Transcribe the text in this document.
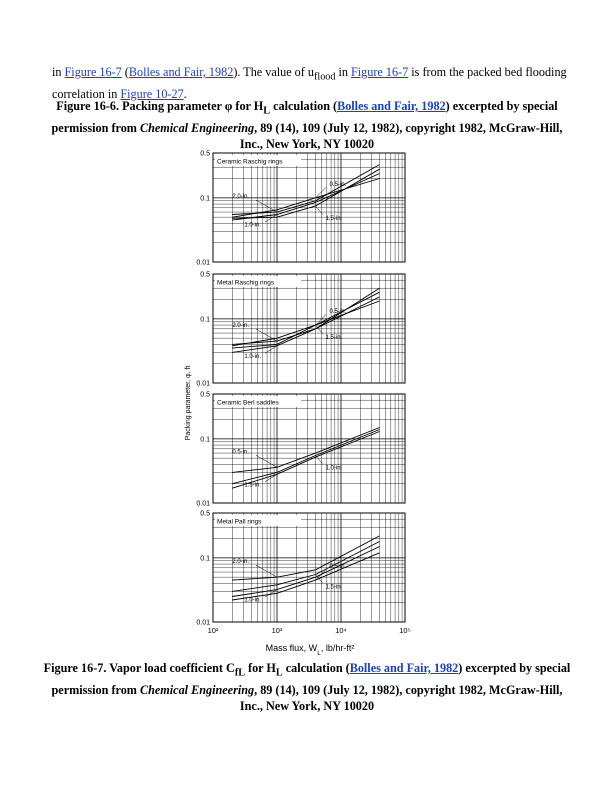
in Figure 16-7 (Bolles and Fair, 1982). The value of $u_{flood}$ in Figure 16-7 is from the packed bed flooding correlation in Figure 10-27.
Figure 16-6. Packing parameter φ for $H_L$ calculation (Bolles and Fair, 1982) excerpted by special permission from Chemical Engineering, 89 (14), 109 (July 12, 1982), copyright 1982, McGraw-Hill, Inc., New York, NY 10020
Ceramic Raschig rings
0.5
0.1
0.01
2.0-in.
1.5-in.
1.0-in.
0.5-in.
Metal Raschig rings
0.5
0.1
0.01
2.0-in.
1.5-in.
1.0-in.
0.5-in.
Ceramic Berl saddles
0.5
0.1
0.01
0.5-in.
1.0-in.
1.5-in.
Metal Pall rings
0.5
0.1
0.01
2.0-in.
1.5-in.
1.0-in.
0.5-in.
10²	10³	10⁴	10⁵
Packing parameter, φ, ft
Mass flux, $W_L$, lb/hr-ft²
Figure 16-7. Vapor load coefficient $C_{fL}$ for $H_L$ calculation (Bolles and Fair, 1982) excerpted by special permission from Chemical Engineering, 89 (14), 109 (July 12, 1982), copyright 1982, McGraw-Hill, Inc., New York, NY 10020
